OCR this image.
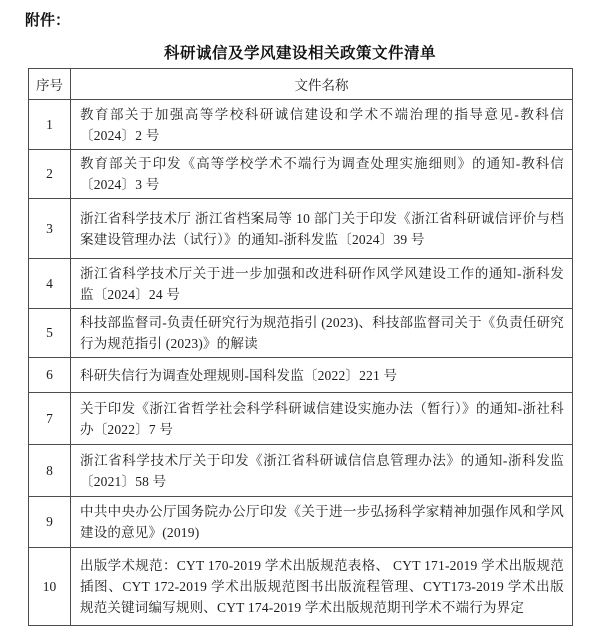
附件：
科研诚信及学风建设相关政策文件清单
序号	文件名称
1	教育部关于加强高等学校科研诚信建设和学术不端治理的指导意见-教科信〔2024〕2 号
2	教育部关于印发《高等学校学术不端行为调查处理实施细则》的通知-教科信〔2024〕3 号
3	浙江省科学技术厅 浙江省档案局等 10 部门关于印发《浙江省科研诚信评价与档案建设管理办法（试行）》的通知-浙科发监〔2024〕39 号
4	浙江省科学技术厅关于进一步加强和改进科研作风学风建设工作的通知-浙科发监〔2024〕24 号
5	科技部监督司-负责任研究行为规范指引 (2023)、科技部监督司关于《负责任研究行为规范指引 (2023)》的解读
6	科研失信行为调查处理规则-国科发监〔2022〕221 号
7	关于印发《浙江省哲学社会科学科研诚信建设实施办法（暂行）》的通知-浙社科办〔2022〕7 号
8	浙江省科学技术厅关于印发《浙江省科研诚信信息管理办法》的通知-浙科发监〔2021〕58 号
9	中共中央办公厅国务院办公厅印发《关于进一步弘扬科学家精神加强作风和学风建设的意见》(2019)
10	出版学术规范：CYT 170-2019 学术出版规范表格、 CYT 171-2019 学术出版规范插图、CYT 172-2019 学术出版规范图书出版流程管理、CYT173-2019 学术出版规范关键词编写规则、CYT 174-2019 学术出版规范期刊学术不端行为界定
